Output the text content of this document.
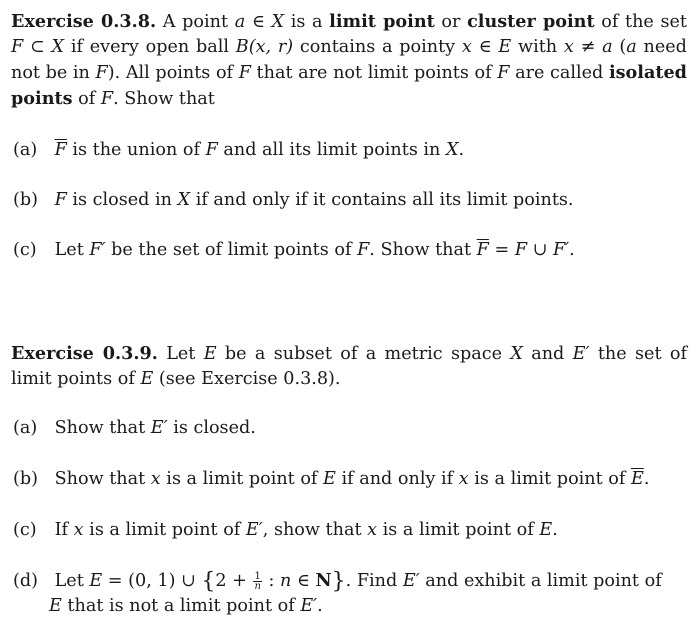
Exercise 0.3.8. A point a ∈ X is a limit point or cluster point of the set F ⊂ X if every open ball B(x, r) contains a pointy x ∈ E with x ≠ a (a need not be in F). All points of F that are not limit points of F are called isolated points of F. Show that

(a) $\overline{F}$ is the union of F and all its limit points in X.
(b) F is closed in X if and only if it contains all its limit points.
(c) Let F′ be the set of limit points of F. Show that $\overline{F} = F$ ∪ F′.

Exercise 0.3.9. Let E be a subset of a metric space X and E′ the set of limit points of E (see Exercise 0.3.8).

(a) Show that E′ is closed.
(b) Show that x is a limit point of E if and only if x is a limit point of $\overline{E}$.
(c) If x is a limit point of E′, show that x is a limit point of E.
(d) Let E = (0, 1) ∪ {$2 + \frac{1}{n}$ : n ∈ N}. Find E′ and exhibit a limit point of
E that is not a limit point of E′.
